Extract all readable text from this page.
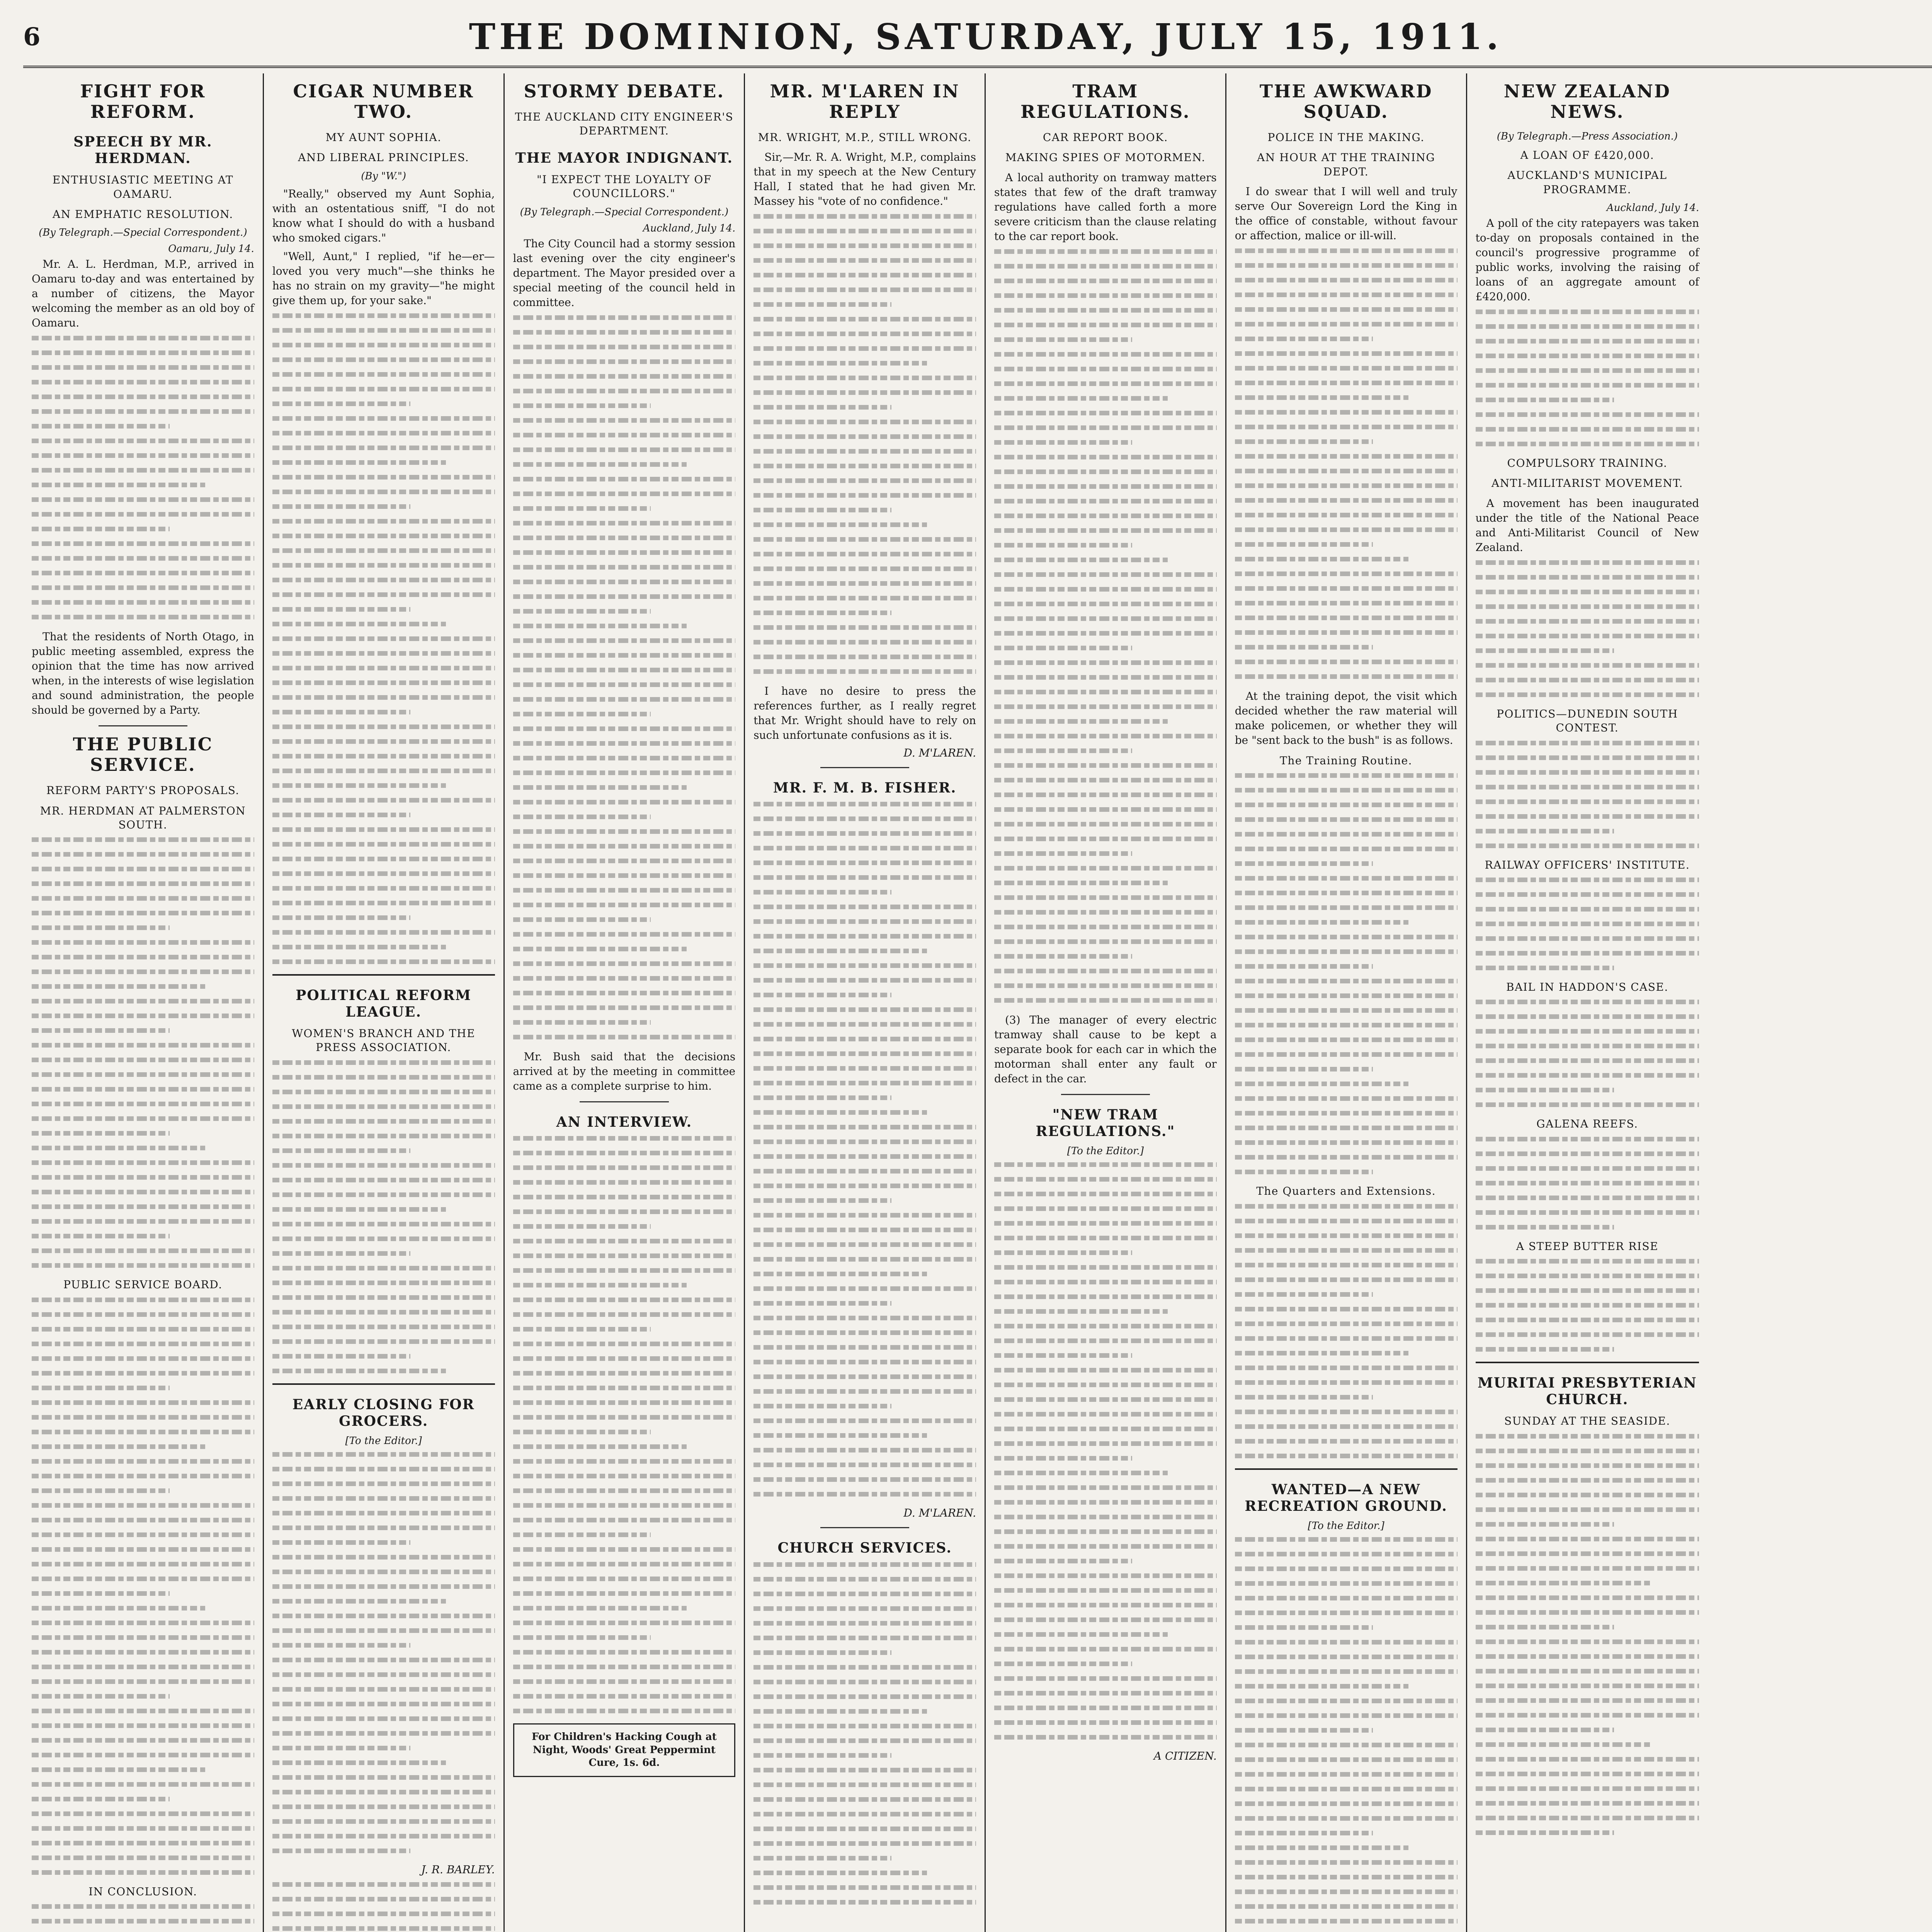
6	THE DOMINION, SATURDAY, JULY 15, 1911.
FIGHT FOR REFORM.
SPEECH BY MR. HERDMAN.
ENTHUSIASTIC MEETING AT OAMARU.
AN EMPHATIC RESOLUTION.
(By Telegraph.—Special Correspondent.)
Oamaru, July 14.

Mr. A. L. Herdman, M.P., arrived in Oamaru to-day and was entertained by a number of citizens, the Mayor welcoming the member as an old boy of Oamaru.

That the residents of North Otago, in public meeting assembled, express the opinion that the time has now arrived when, in the interests of wise legislation and sound administration, the people should be governed by a Party.

THE PUBLIC SERVICE.
REFORM PARTY'S PROPOSALS.
MR. HERDMAN AT PALMERSTON SOUTH.
PUBLIC SERVICE BOARD.
IN CONCLUSION.
CIGAR NUMBER TWO.
MY AUNT SOPHIA.
AND LIBERAL PRINCIPLES.
(By "W.")

"Really," observed my Aunt Sophia, with an ostentatious sniff, "I do not know what I should do with a husband who smoked cigars."

"Well, Aunt," I replied, "if he—er—loved you very much"—she thinks he has no strain on my gravity—"he might give them up, for your sake."

POLITICAL REFORM LEAGUE.
WOMEN'S BRANCH AND THE PRESS ASSOCIATION.
EARLY CLOSING FOR GROCERS.
[To the Editor.]
J. R. BARLEY.
STORMY DEBATE.
THE AUCKLAND CITY ENGINEER'S DEPARTMENT.
THE MAYOR INDIGNANT.
"I EXPECT THE LOYALTY OF COUNCILLORS."
(By Telegraph.—Special Correspondent.)
Auckland, July 14.

The City Council had a stormy session last evening over the city engineer's department. The Mayor presided over a special meeting of the council held in committee.

Mr. Bush said that the decisions arrived at by the meeting in committee came as a complete surprise to him.

AN INTERVIEW.
For Children's Hacking Cough at Night, Woods' Great Peppermint Cure, 1s. 6d.
MR. M'LAREN IN REPLY
MR. WRIGHT, M.P., STILL WRONG.

Sir,—Mr. R. A. Wright, M.P., complains that in my speech at the New Century Hall, I stated that he had given Mr. Massey his "vote of no confidence."

I have no desire to press the references further, as I really regret that Mr. Wright should have to rely on such unfortunate confusions as it is.

D. M'LAREN.
MR. F. M. B. FISHER.
D. M'LAREN.
CHURCH SERVICES.
TRAM REGULATIONS.
CAR REPORT BOOK.
MAKING SPIES OF MOTORMEN.

A local authority on tramway matters states that few of the draft tramway regulations have called forth a more severe criticism than the clause relating to the car report book.

(3) The manager of every electric tramway shall cause to be kept a separate book for each car in which the motorman shall enter any fault or defect in the car.

"NEW TRAM REGULATIONS."
[To the Editor.]
A CITIZEN.
THE AWKWARD SQUAD.
POLICE IN THE MAKING.
AN HOUR AT THE TRAINING DEPOT.

I do swear that I will well and truly serve Our Sovereign Lord the King in the office of constable, without favour or affection, malice or ill-will.

At the training depot, the visit which decided whether the raw material will make policemen, or whether they will be "sent back to the bush" is as follows.

The Training Routine.
The Quarters and Extensions.
WANTED—A NEW RECREATION GROUND.
[To the Editor.]
NEW ZEALAND NEWS.
(By Telegraph.—Press Association.)
A LOAN OF £420,000.
AUCKLAND'S MUNICIPAL PROGRAMME.
Auckland, July 14.

A poll of the city ratepayers was taken to-day on proposals contained in the council's progressive programme of public works, involving the raising of loans of an aggregate amount of £420,000.

COMPULSORY TRAINING.
ANTI-MILITARIST MOVEMENT.

A movement has been inaugurated under the title of the National Peace and Anti-Militarist Council of New Zealand.

POLITICS—DUNEDIN SOUTH CONTEST.
RAILWAY OFFICERS' INSTITUTE.
BAIL IN HADDON'S CASE.
GALENA REEFS.
A STEEP BUTTER RISE
MURITAI PRESBYTERIAN CHURCH.
SUNDAY AT THE SEASIDE.
